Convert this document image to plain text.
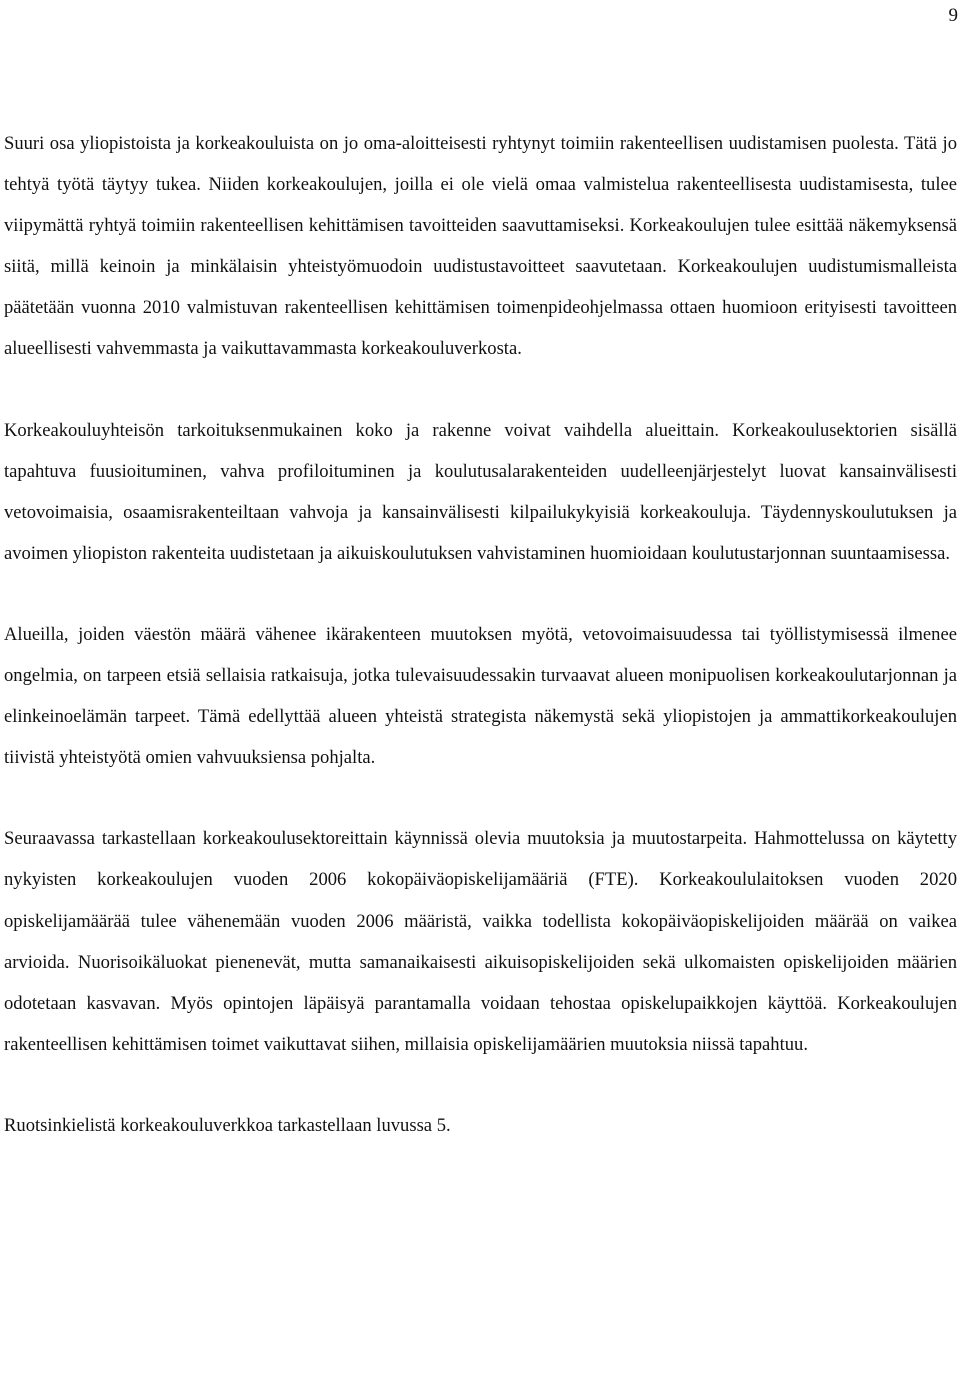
9

Suuri osa yliopistoista ja korkeakouluista on jo oma-aloitteisesti ryhtynyt toimiin rakenteellisen uudistamisen puolesta. Tätä jo tehtyä työtä täytyy tukea. Niiden korkeakoulujen, joilla ei ole vielä omaa valmistelua rakenteellisesta uudistamisesta, tulee viipymättä ryhtyä toimiin rakenteellisen kehittämisen tavoitteiden saavuttamiseksi. Korkeakoulujen tulee esittää näkemyksensä siitä, millä keinoin ja minkälaisin yhteistyömuodoin uudistustavoitteet saavutetaan. Korkeakoulujen uudistumismalleista päätetään vuonna 2010 valmistuvan rakenteellisen kehittämisen toimenpideohjelmassa ottaen huomioon erityisesti tavoitteen alueellisesti vahvemmasta ja vaikuttavammasta korkeakouluverkosta.

Korkeakouluyhteisön tarkoituksenmukainen koko ja rakenne voivat vaihdella alueittain. Korkeakoulusektorien sisällä tapahtuva fuusioituminen, vahva profiloituminen ja koulutusalarakenteiden uudelleenjärjestelyt luovat kansainvälisesti vetovoimaisia, osaamisrakenteiltaan vahvoja ja kansainvälisesti kilpailukykyisiä korkeakouluja. Täydennyskoulutuksen ja avoimen yliopiston rakenteita uudistetaan ja aikuiskoulutuksen vahvistaminen huomioidaan koulutustarjonnan suuntaamisessa.

Alueilla, joiden väestön määrä vähenee ikärakenteen muutoksen myötä, vetovoimaisuudessa tai työllistymisessä ilmenee ongelmia, on tarpeen etsiä sellaisia ratkaisuja, jotka tulevaisuudessakin turvaavat alueen monipuolisen korkeakoulutarjonnan ja elinkeinoelämän tarpeet. Tämä edellyttää alueen yhteistä strategista näkemystä sekä yliopistojen ja ammattikorkeakoulujen tiivistä yhteistyötä omien vahvuuksiensa pohjalta.

Seuraavassa tarkastellaan korkeakoulusektoreittain käynnissä olevia muutoksia ja muutostarpeita. Hahmottelussa on käytetty nykyisten korkeakoulujen vuoden 2006 kokopäiväopiskelijamääriä (FTE). Korkeakoululaitoksen vuoden 2020 opiskelijamäärää tulee vähenemään vuoden 2006 määristä, vaikka todellista kokopäiväopiskelijoiden määrää on vaikea arvioida. Nuorisoikäluokat pienenevät, mutta samanaikaisesti aikuisopiskelijoiden sekä ulkomaisten opiskelijoiden määrien odotetaan kasvavan. Myös opintojen läpäisyä parantamalla voidaan tehostaa opiskelupaikkojen käyttöä. Korkeakoulujen rakenteellisen kehittämisen toimet vaikuttavat siihen, millaisia opiskelijamäärien muutoksia niissä tapahtuu.

Ruotsinkielistä korkeakouluverkkoa tarkastellaan luvussa 5.
